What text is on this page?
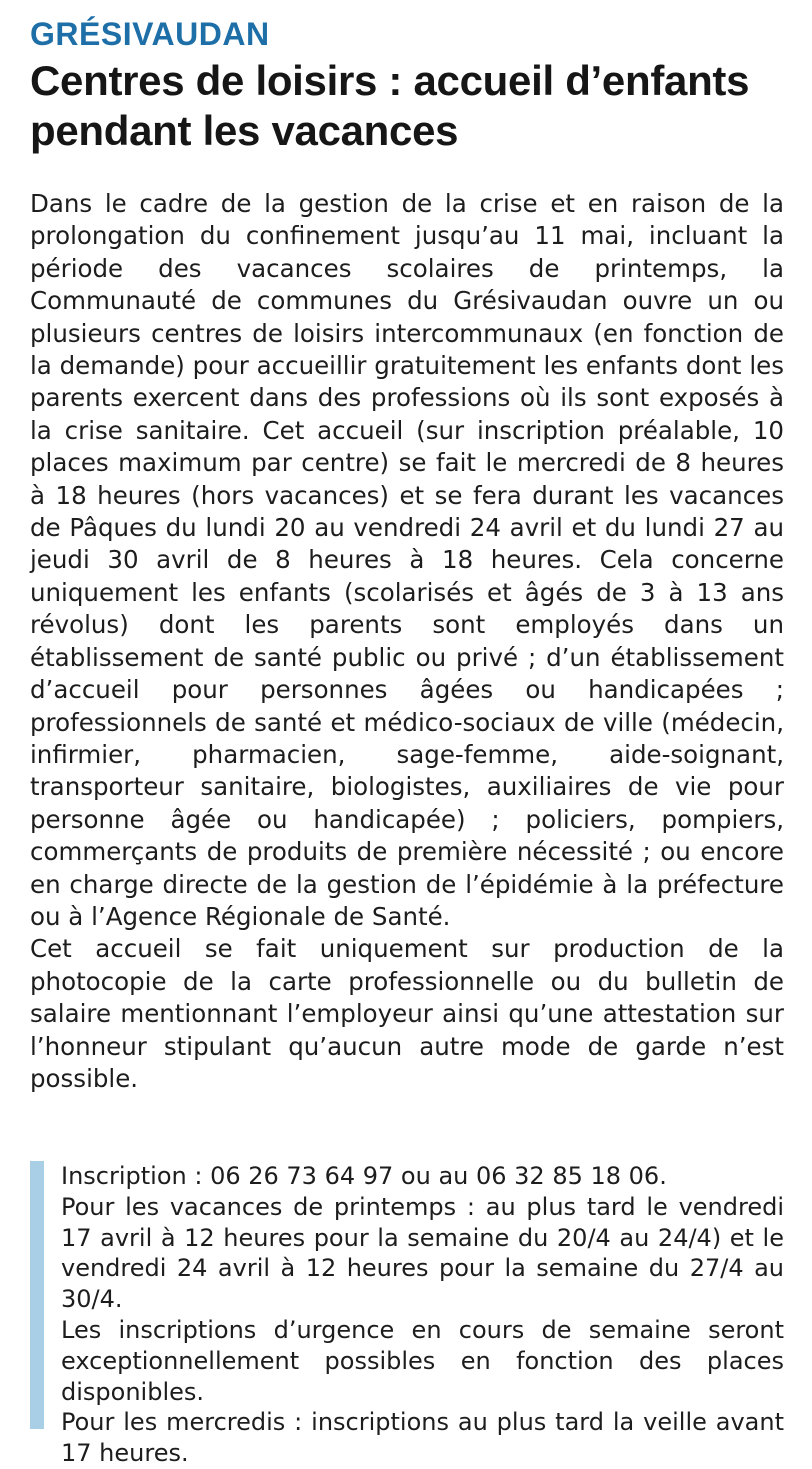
GRÉSIVAUDAN
Centres de loisirs : accueil d’enfants pendant les vacances

Dans le cadre de la gestion de la crise et en raison de la prolongation du confinement jusqu’au 11 mai, incluant la période des vacances scolaires de printemps, la Communauté de communes du Grésivaudan ouvre un ou plusieurs centres de loisirs intercommunaux (en fonction de la demande) pour accueillir gratuitement les enfants dont les parents exercent dans des professions où ils sont exposés à la crise sanitaire. Cet accueil (sur inscription préalable, 10 places maximum par centre) se fait le mercredi de 8 heures à 18 heures (hors vacances) et se fera durant les vacances de Pâques du lundi 20 au vendredi 24 avril et du lundi 27 au jeudi 30 avril de 8 heures à 18 heures. Cela concerne uniquement les enfants (scolarisés et âgés de 3 à 13 ans révolus) dont les parents sont employés dans un établissement de santé public ou privé ; d’un établissement d’accueil pour personnes âgées ou handicapées ; professionnels de santé et médico-sociaux de ville (médecin, infirmier, pharmacien, sage-femme, aide-soignant, transporteur sanitaire, biologistes, auxiliaires de vie pour personne âgée ou handicapée) ; policiers, pompiers, commerçants de produits de première nécessité ; ou encore en charge directe de la gestion de l’épidémie à la préfecture ou à l’Agence Régionale de Santé.

Cet accueil se fait uniquement sur production de la photocopie de la carte professionnelle ou du bulletin de salaire mentionnant l’employeur ainsi qu’une attestation sur l’honneur stipulant qu’aucun autre mode de garde n’est possible.

Inscription : 06 26 73 64 97 ou au 06 32 85 18 06.

Pour les vacances de printemps : au plus tard le vendredi 17 avril à 12 heures pour la semaine du 20/4 au 24/4) et le vendredi 24 avril à 12 heures pour la semaine du 27/4 au 30/4.

Les inscriptions d’urgence en cours de semaine seront exceptionnellement possibles en fonction des places disponibles.

Pour les mercredis : inscriptions au plus tard la veille avant 17 heures.
